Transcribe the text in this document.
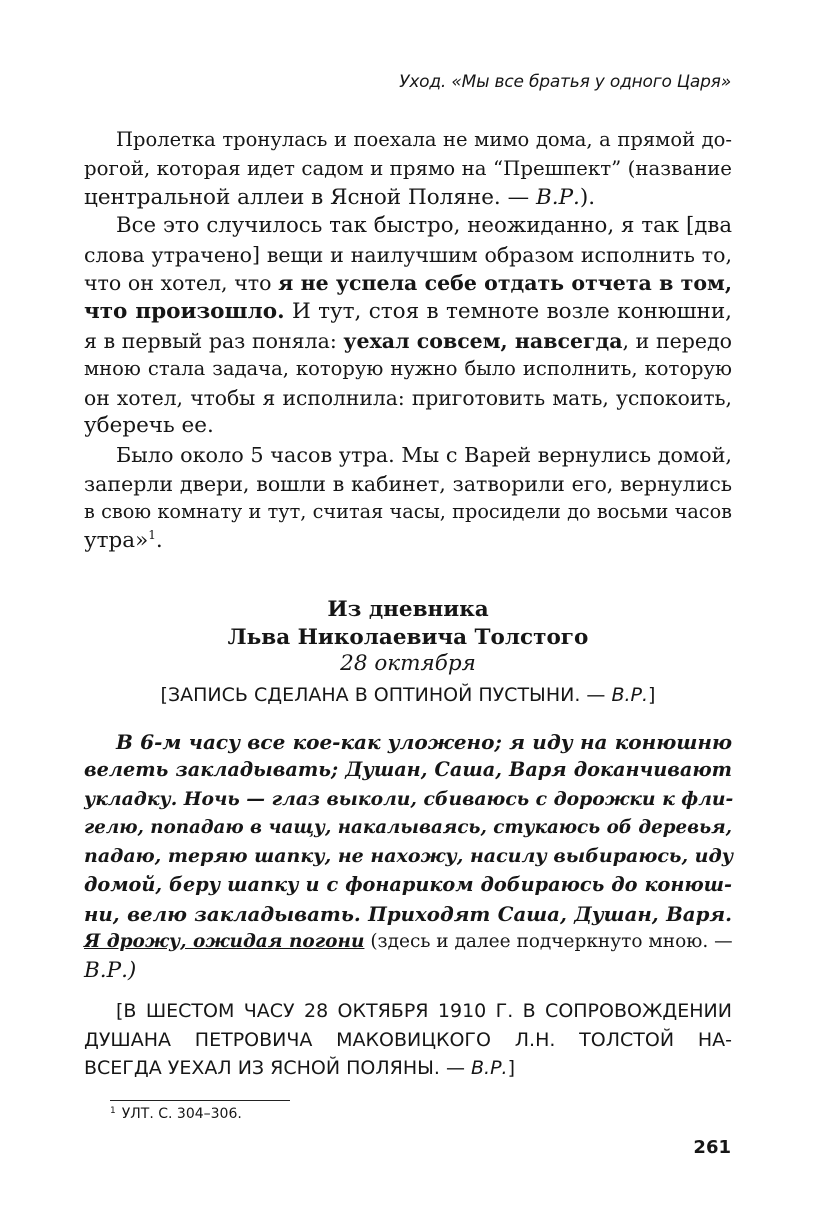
Уход. «Мы все братья у одного Царя»
Пролетка тронулась и поехала не мимо дома, а прямой до-
рогой, которая идет садом и прямо на “Прешпект” (название
центральной аллеи в Ясной Поляне. — В.Р.).
Все это случилось так быстро, неожиданно, я так [два
слова утрачено] вещи и наилучшим образом исполнить то,
что он хотел, что я не успела себе отдать отчета в том,
что произошло. И тут, стоя в темноте возле конюшни,
я в первый раз поняла: уехал совсем, навсегда, и передо
мною стала задача, которую нужно было исполнить, которую
он хотел, чтобы я исполнила: приготовить мать, успокоить,
уберечь ее.
Было около 5 часов утра. Мы с Варей вернулись домой,
заперли двери, вошли в кабинет, затворили его, вернулись
в свою комнату и тут, считая часы, просидели до восьми часов
утра»$^1$.
Из дневника
Льва Николаевича Толстого
28 октября
[ЗАПИСЬ СДЕЛАНА В ОПТИНОЙ ПУСТЫНИ. — В.Р.]
В 6-м часу все кое-как уложено; я иду на конюшню
велеть закладывать; Душан, Саша, Варя доканчивают
укладку. Ночь — глаз выколи, сбиваюсь с дорожки к фли-
гелю, попадаю в чащу, накалываясь, стукаюсь об деревья,
падаю, теряю шапку, не нахожу, насилу выбираюсь, иду
домой, беру шапку и с фонариком добираюсь до конюш-
ни, велю закладывать. Приходят Саша, Душан, Варя.
Я дрожу, ожидая погони (здесь и далее подчеркнуто мною. —
В.Р.)
[В ШЕСТОМ ЧАСУ 28 ОКТЯБРЯ 1910 Г. В СОПРОВОЖДЕНИИ
ДУШАНА ПЕТРОВИЧА МАКОВИЦКОГО Л.Н. ТОЛСТОЙ НА-
ВСЕГДА УЕХАЛ ИЗ ЯСНОЙ ПОЛЯНЫ. — В.Р.]
$^1$ УЛТ. С. 304–306.
261
